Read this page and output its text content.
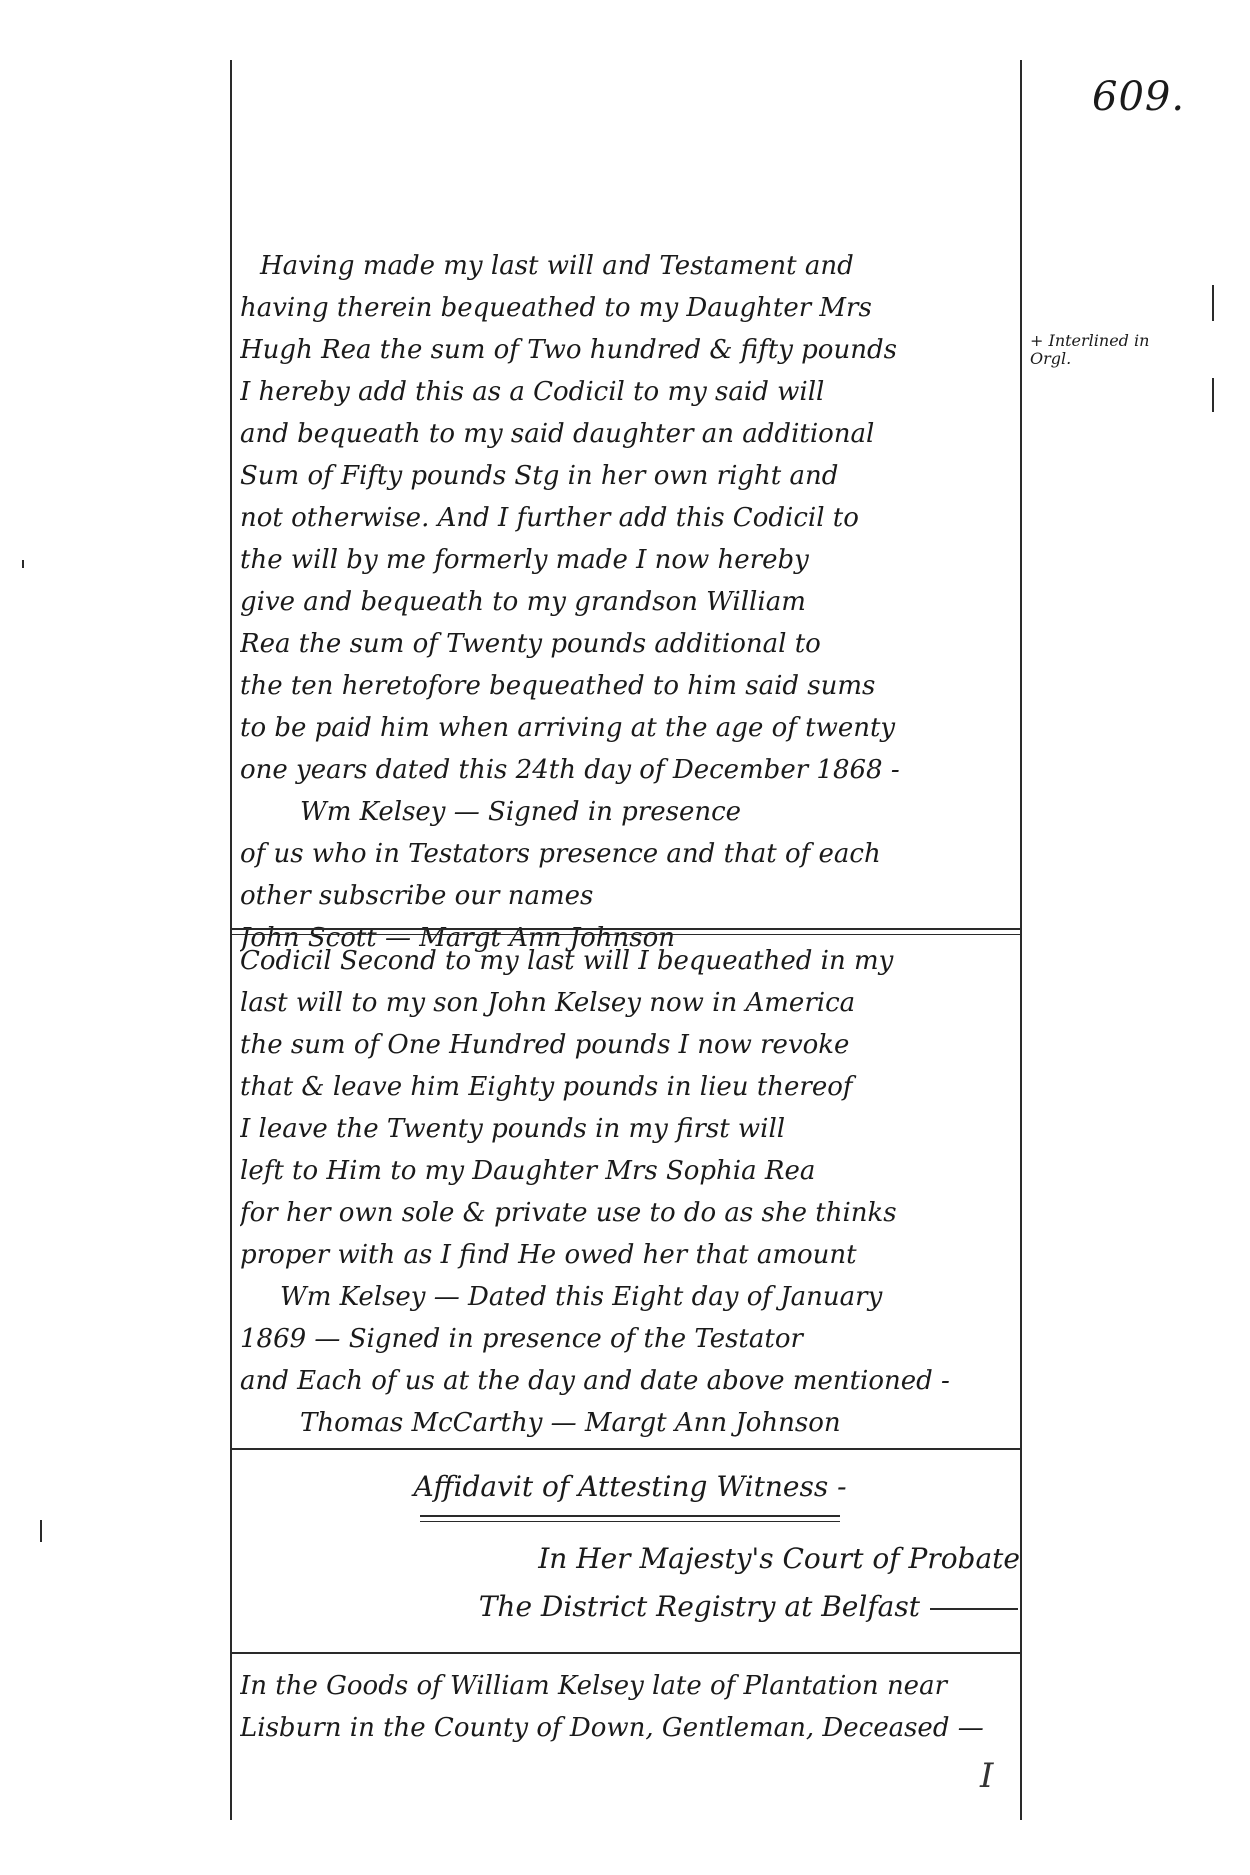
609.
+ Interlined in Orgl.

Having made my last will and Testament and

having therein bequeathed to my Daughter Mrs

Hugh Rea the sum of Two hundred & fifty pounds

I hereby add this as a Codicil to my said will

and bequeath to my said daughter an additional

Sum of Fifty pounds Stg in her own right and

not otherwise. And I further add this Codicil to

the will by me formerly made I now hereby

give and bequeath to my grandson William

Rea the sum of Twenty pounds additional to

the ten heretofore bequeathed to him said sums

to be paid him when arriving at the age of twenty

one years dated this 24th day of December 1868 -

Wm Kelsey — Signed in presence

of us who in Testators presence and that of each

other subscribe our names

John Scott — Margt Ann Johnson

Codicil Second to my last will I bequeathed in my

last will to my son John Kelsey now in America

the sum of One Hundred pounds I now revoke

that & leave him Eighty pounds in lieu thereof

I leave the Twenty pounds in my first will

left to Him to my Daughter Mrs Sophia Rea

for her own sole & private use to do as she thinks

proper with as I find He owed her that amount

Wm Kelsey — Dated this Eight day of January

1869 — Signed in presence of the Testator

and Each of us at the day and date above mentioned -

Thomas McCarthy — Margt Ann Johnson

Affidavit of Attesting Witness -
In Her Majesty's Court of Probate
The District Registry at Belfast

In the Goods of William Kelsey late of Plantation near

Lisburn in the County of Down, Gentleman, Deceased —

I
